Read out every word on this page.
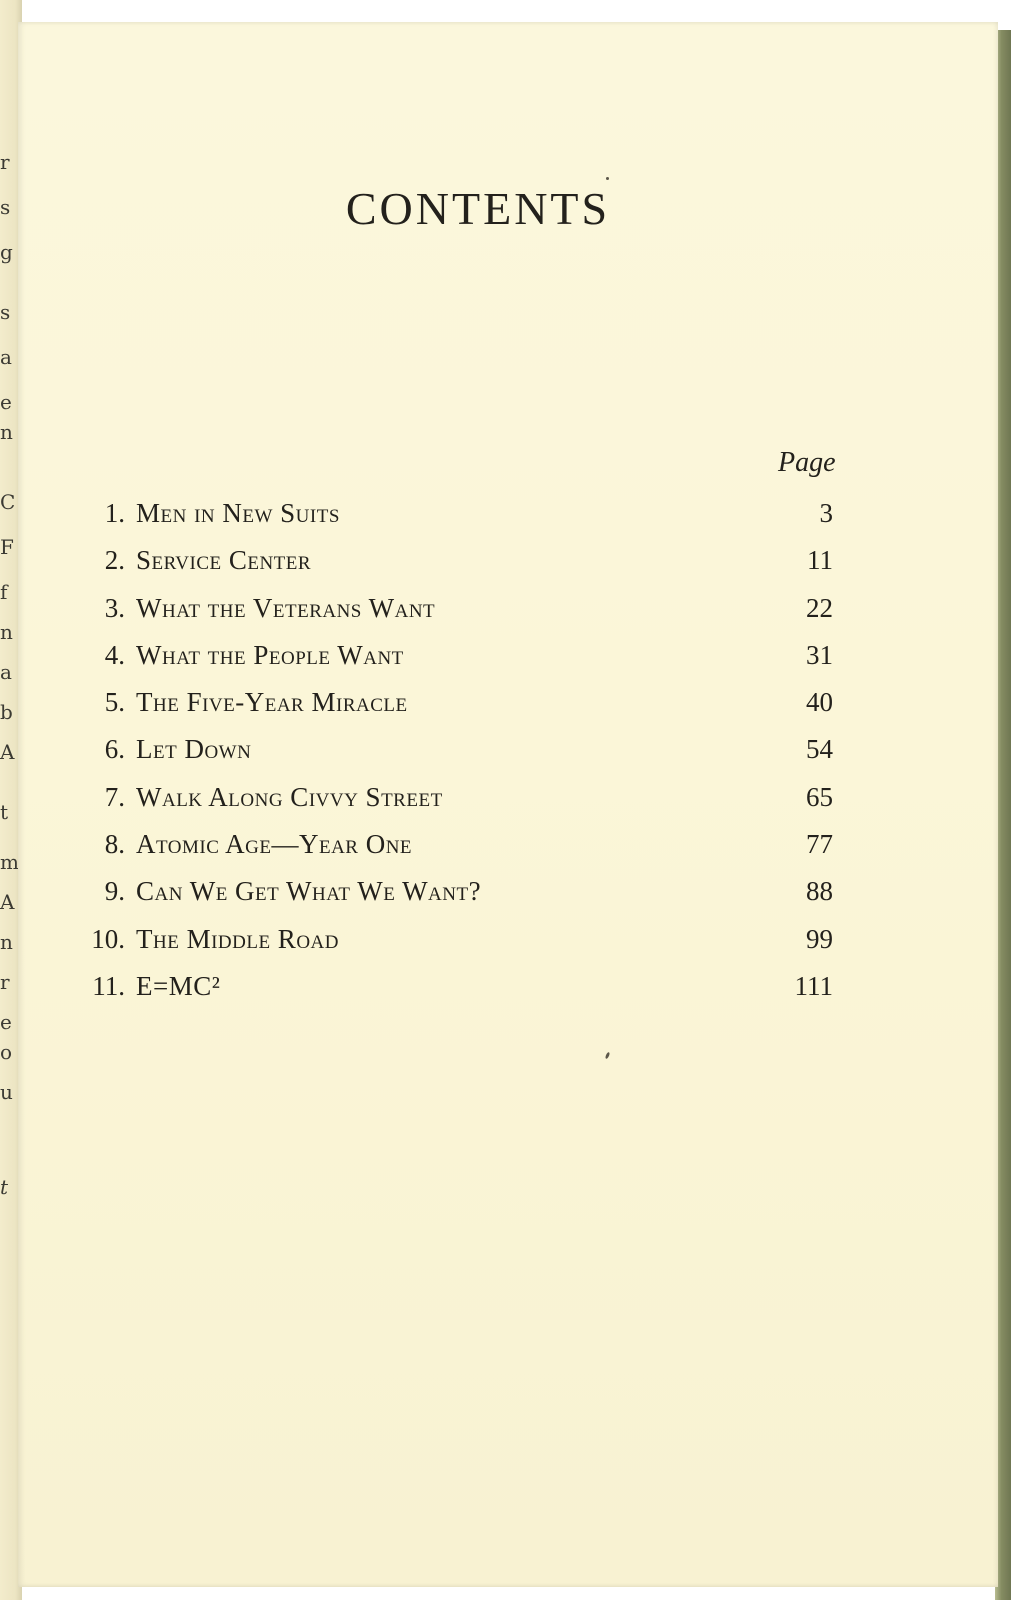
r
s
g
s
a
e
n
C
F
f
n
a
b
A
t
m
A
n
r
e
o
u
t
CONTENTS
Page
1. Men in New Suits	3
2. Service Center	11
3. What the Veterans Want	22
4. What the People Want	31
5. The Five-Year Miracle	40
6. Let Down	54
7. Walk Along Civvy Street	65
8. Atomic Age—Year One	77
9. Can We Get What We Want?	88
10. The Middle Road	99
11. E=MC²	111
